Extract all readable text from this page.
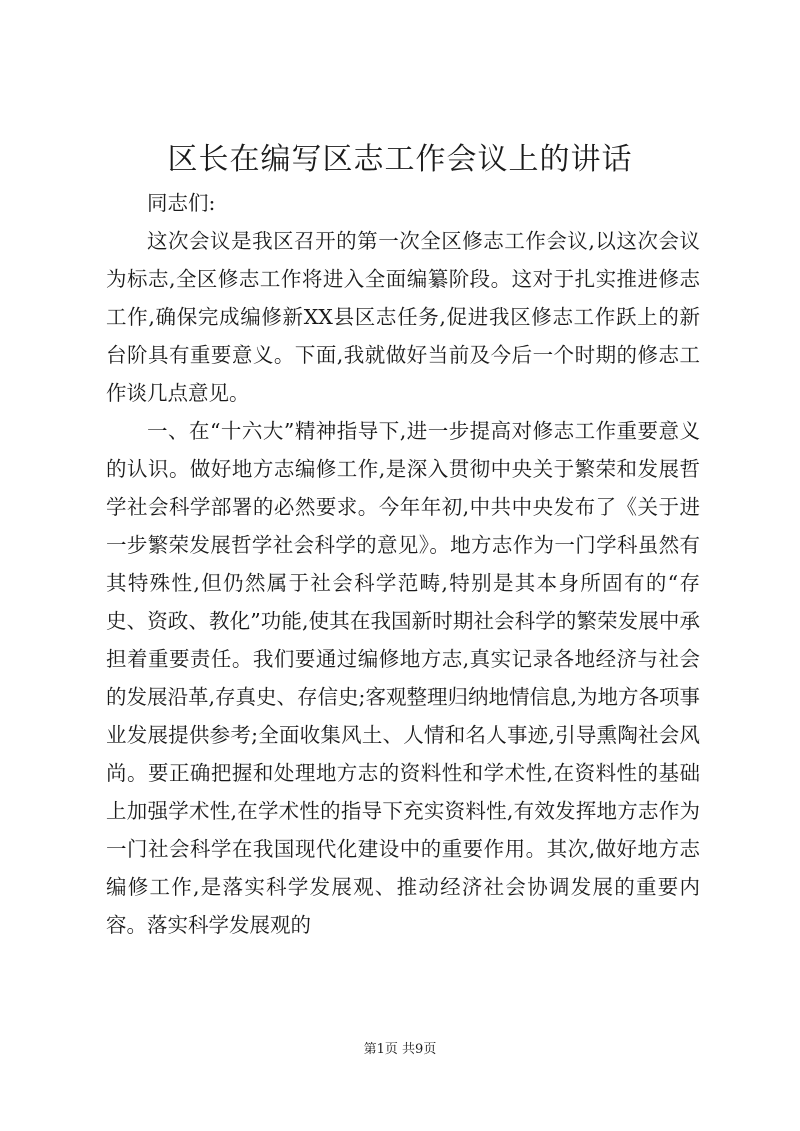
区长在编写区志工作会议上的讲话

同志们:

这次会议是我区召开的第一次全区修志工作会议,以这次会议为标志,全区修志工作将进入全面编纂阶段。这对于扎实推进修志工作,确保完成编修新XX县区志任务,促进我区修志工作跃上的新台阶具有重要意义。下面,我就做好当前及今后一个时期的修志工作谈几点意见。

一、在“十六大”精神指导下,进一步提高对修志工作重要意义的认识。做好地方志编修工作,是深入贯彻中央关于繁荣和发展哲学社会科学部署的必然要求。今年年初,中共中央发布了《关于进一步繁荣发展哲学社会科学的意见》。地方志作为一门学科虽然有其特殊性,但仍然属于社会科学范畴,特别是其本身所固有的“存史、资政、教化”功能,使其在我国新时期社会科学的繁荣发展中承担着重要责任。我们要通过编修地方志,真实记录各地经济与社会的发展沿革,存真史、存信史;客观整理归纳地情信息,为地方各项事业发展提供参考;全面收集风土、人情和名人事迹,引导熏陶社会风尚。要正确把握和处理地方志的资料性和学术性,在资料性的基础上加强学术性,在学术性的指导下充实资料性,有效发挥地方志作为一门社会科学在我国现代化建设中的重要作用。其次,做好地方志编修工作,是落实科学发展观、推动经济社会协调发展的重要内容。落实科学发展观的

第1页 共9页
